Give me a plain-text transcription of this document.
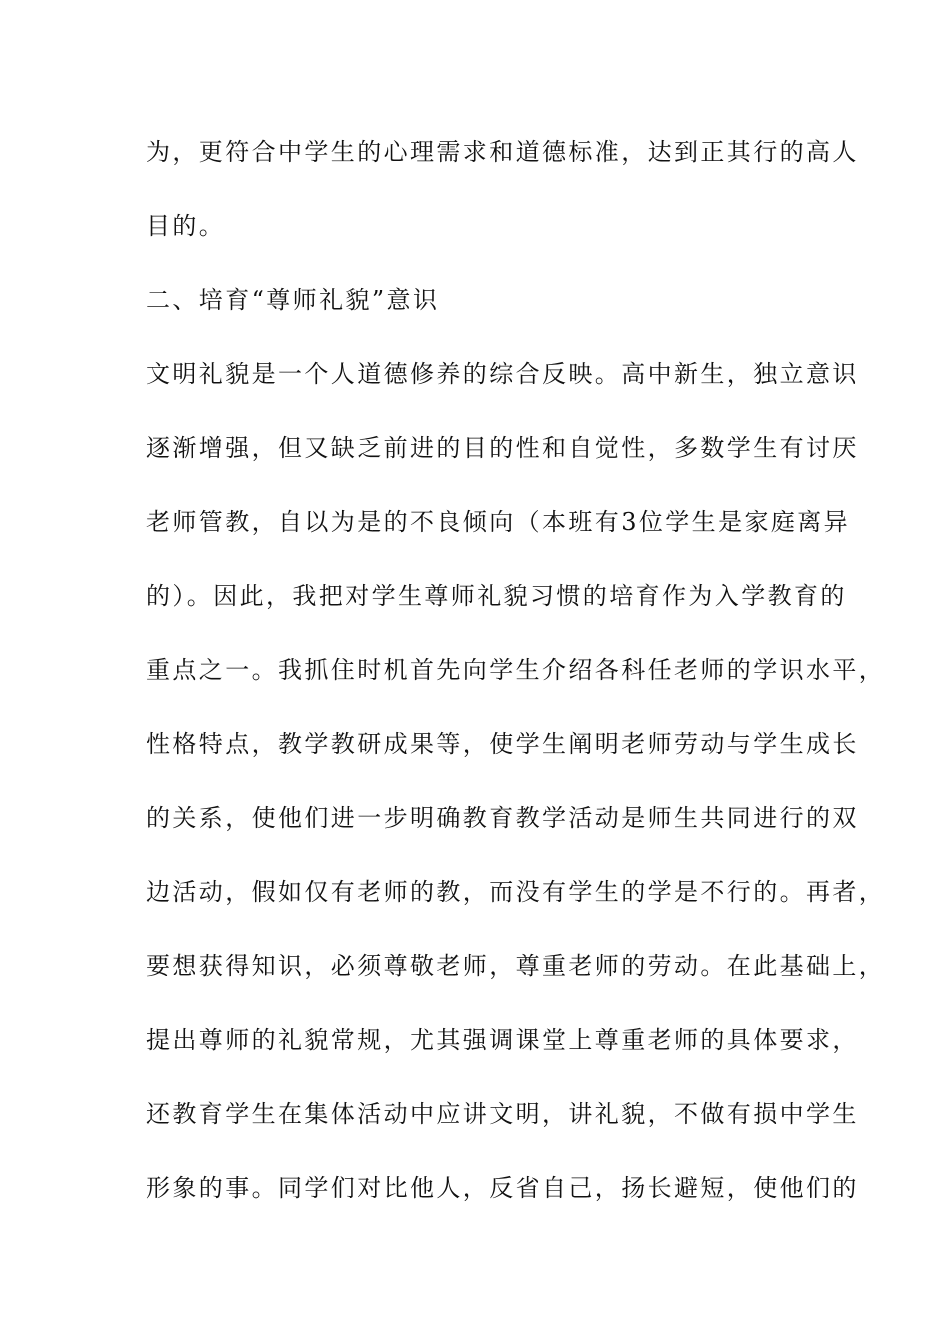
为，更符合中学生的心理需求和道德标准，达到正其行的高人
目的。
二、培育“尊师礼貌”意识
文明礼貌是一个人道德修养的综合反映。高中新生，独立意识
逐渐增强，但又缺乏前进的目的性和自觉性，多数学生有讨厌
老师管教，自以为是的不良倾向（本班有3位学生是家庭离异
的）。因此，我把对学生尊师礼貌习惯的培育作为入学教育的
重点之一。我抓住时机首先向学生介绍各科任老师的学识水平，
性格特点，教学教研成果等，使学生阐明老师劳动与学生成长
的关系，使他们进一步明确教育教学活动是师生共同进行的双
边活动，假如仅有老师的教，而没有学生的学是不行的。再者，
要想获得知识，必须尊敬老师，尊重老师的劳动。在此基础上，
提出尊师的礼貌常规，尤其强调课堂上尊重老师的具体要求，
还教育学生在集体活动中应讲文明，讲礼貌，不做有损中学生
形象的事。同学们对比他人，反省自己，扬长避短，使他们的
